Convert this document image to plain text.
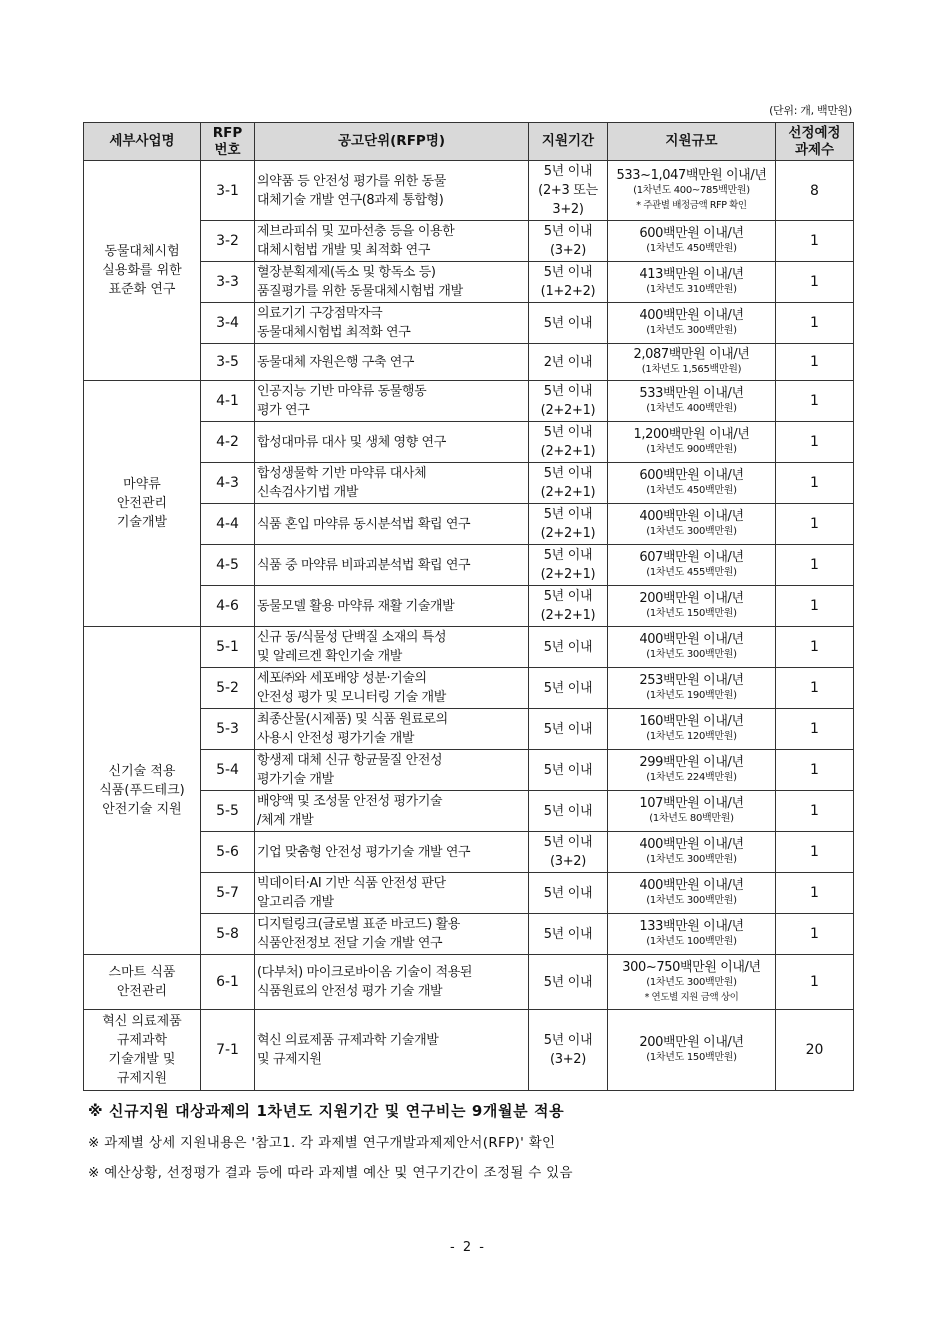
(단위: 개, 백만원)
세부사업명	RFP
번호	공고단위(RFP명)	지원기간	지원규모	선정예정
과제수
동물대체시험
실용화를 위한
표준화 연구	3-1	의약품 등 안전성 평가를 위한 동물
대체기술 개발 연구(8과제 통합형)	5년 이내
(2+3 또는
3+2)	533~1,047백만원 이내/년
(1차년도 400~785백만원)
* 주관별 배정금액 RFP 확인	8
	3-2	제브라피쉬 및 꼬마선충 등을 이용한
대체시험법 개발 및 최적화 연구	5년 이내
(3+2)	600백만원 이내/년
(1차년도 450백만원)	1
	3-3	혈장분획제제(독소 및 항독소 등)
품질평가를 위한 동물대체시험법 개발	5년 이내
(1+2+2)	413백만원 이내/년
(1차년도 310백만원)	1
	3-4	의료기기 구강점막자극
동물대체시험법 최적화 연구	5년 이내	400백만원 이내/년
(1차년도 300백만원)	1
	3-5	동물대체 자원은행 구축 연구	2년 이내	2,087백만원 이내/년
(1차년도 1,565백만원)	1
마약류
안전관리
기술개발	4-1	인공지능 기반 마약류 동물행동
평가 연구	5년 이내
(2+2+1)	533백만원 이내/년
(1차년도 400백만원)	1
	4-2	합성대마류 대사 및 생체 영향 연구	5년 이내
(2+2+1)	1,200백만원 이내/년
(1차년도 900백만원)	1
	4-3	합성생물학 기반 마약류 대사체
신속검사기법 개발	5년 이내
(2+2+1)	600백만원 이내/년
(1차년도 450백만원)	1
	4-4	식품 혼입 마약류 동시분석법 확립 연구	5년 이내
(2+2+1)	400백만원 이내/년
(1차년도 300백만원)	1
	4-5	식품 중 마약류 비파괴분석법 확립 연구	5년 이내
(2+2+1)	607백만원 이내/년
(1차년도 455백만원)	1
	4-6	동물모델 활용 마약류 재활 기술개발	5년 이내
(2+2+1)	200백만원 이내/년
(1차년도 150백만원)	1
신기술 적용
식품(푸드테크)
안전기술 지원	5-1	신규 동/식물성 단백질 소재의 특성
및 알레르겐 확인기술 개발	5년 이내	400백만원 이내/년
(1차년도 300백만원)	1
	5-2	세포㈜와 세포배양 성분·기술의
안전성 평가 및 모니터링 기술 개발	5년 이내	253백만원 이내/년
(1차년도 190백만원)	1
	5-3	최종산물(시제품) 및 식품 원료로의
사용시 안전성 평가기술 개발	5년 이내	160백만원 이내/년
(1차년도 120백만원)	1
	5-4	항생제 대체 신규 항균물질 안전성
평가기술 개발	5년 이내	299백만원 이내/년
(1차년도 224백만원)	1
	5-5	배양액 및 조성물 안전성 평가기술
/체계 개발	5년 이내	107백만원 이내/년
(1차년도 80백만원)	1
	5-6	기업 맞춤형 안전성 평가기술 개발 연구	5년 이내
(3+2)	400백만원 이내/년
(1차년도 300백만원)	1
	5-7	빅데이터·AI 기반 식품 안전성 판단
알고리즘 개발	5년 이내	400백만원 이내/년
(1차년도 300백만원)	1
	5-8	디지털링크(글로벌 표준 바코드) 활용
식품안전정보 전달 기술 개발 연구	5년 이내	133백만원 이내/년
(1차년도 100백만원)	1
스마트 식품
안전관리	6-1	(다부처) 마이크로바이옴 기술이 적용된
식품원료의 안전성 평가 기술 개발	5년 이내	300~750백만원 이내/년
(1차년도 300백만원)
* 연도별 지원 금액 상이	1
혁신 의료제품
규제과학
기술개발 및
규제지원	7-1	혁신 의료제품 규제과학 기술개발
및 규제지원	5년 이내
(3+2)	200백만원 이내/년
(1차년도 150백만원)	20
※ 신규지원 대상과제의 1차년도 지원기간 및 연구비는 9개월분 적용
※ 과제별 상세 지원내용은 '참고1. 각 과제별 연구개발과제제안서(RFP)' 확인
※ 예산상황, 선정평가 결과 등에 따라 과제별 예산 및 연구기간이 조정될 수 있음
- 2 -
